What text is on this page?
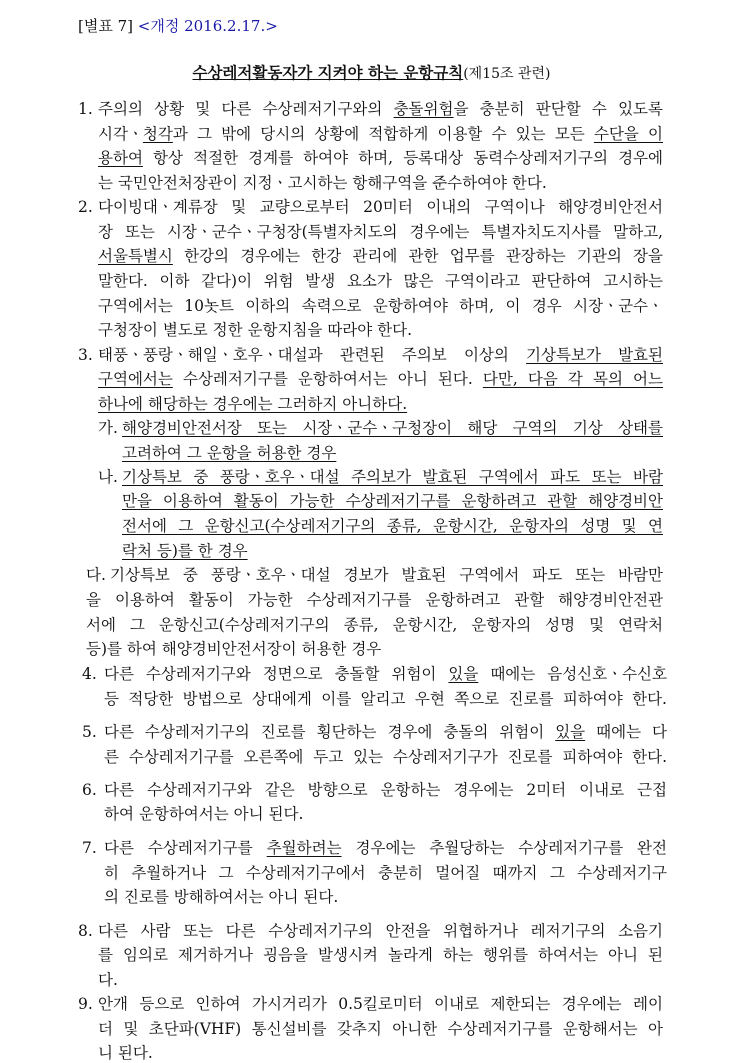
[별표 7] <개정 2016.2.17.>
수상레저활동자가 지켜야 하는 운항규칙(제15조 관련)
1. 주의의 상황 및 다른 수상레저기구와의 충돌위험을 충분히 판단할 수 있도록
시각ㆍ청각과 그 밖에 당시의 상황에 적합하게 이용할 수 있는 모든 수단을 이
용하여 항상 적절한 경계를 하여야 하며, 등록대상 동력수상레저기구의 경우에
는 국민안전처장관이 지정ㆍ고시하는 항해구역을 준수하여야 한다.
2. 다이빙대ㆍ계류장 및 교량으로부터 20미터 이내의 구역이나 해양경비안전서
장 또는 시장ㆍ군수ㆍ구청장(특별자치도의 경우에는 특별자치도지사를 말하고,
서울특별시 한강의 경우에는 한강 관리에 관한 업무를 관장하는 기관의 장을
말한다. 이하 같다)이 위험 발생 요소가 많은 구역이라고 판단하여 고시하는
구역에서는 10놋트 이하의 속력으로 운항하여야 하며, 이 경우 시장ㆍ군수ㆍ
구청장이 별도로 정한 운항지침을 따라야 한다.
3. 태풍ㆍ풍랑ㆍ해일ㆍ호우ㆍ대설과 관련된 주의보 이상의 기상특보가 발효된
구역에서는 수상레저기구를 운항하여서는 아니 된다. 다만, 다음 각 목의 어느
하나에 해당하는 경우에는 그러하지 아니하다.
가. 해양경비안전서장 또는 시장ㆍ군수ㆍ구청장이 해당 구역의 기상 상태를
고려하여 그 운항을 허용한 경우
나. 기상특보 중 풍랑ㆍ호우ㆍ대설 주의보가 발효된 구역에서 파도 또는 바람
만을 이용하여 활동이 가능한 수상레저기구를 운항하려고 관할 해양경비안
전서에 그 운항신고(수상레저기구의 종류, 운항시간, 운항자의 성명 및 연
락처 등)를 한 경우
다. 기상특보 중 풍랑ㆍ호우ㆍ대설 경보가 발효된 구역에서 파도 또는 바람만
을 이용하여 활동이 가능한 수상레저기구를 운항하려고 관할 해양경비안전관
서에 그 운항신고(수상레저기구의 종류, 운항시간, 운항자의 성명 및 연락처
등)를 하여 해양경비안전서장이 허용한 경우
4. 다른 수상레저기구와 정면으로 충돌할 위험이 있을 때에는 음성신호ㆍ수신호
등 적당한 방법으로 상대에게 이를 알리고 우현 쪽으로 진로를 피하여야 한다.
5. 다른 수상레저기구의 진로를 횡단하는 경우에 충돌의 위험이 있을 때에는 다
른 수상레저기구를 오른쪽에 두고 있는 수상레저기구가 진로를 피하여야 한다.
6. 다른 수상레저기구와 같은 방향으로 운항하는 경우에는 2미터 이내로 근접
하여 운항하여서는 아니 된다.
7. 다른 수상레저기구를 추월하려는 경우에는 추월당하는 수상레저기구를 완전
히 추월하거나 그 수상레저기구에서 충분히 멀어질 때까지 그 수상레저기구
의 진로를 방해하여서는 아니 된다.
8. 다른 사람 또는 다른 수상레저기구의 안전을 위협하거나 레저기구의 소음기
를 임의로 제거하거나 굉음을 발생시켜 놀라게 하는 행위를 하여서는 아니 된
다.
9. 안개 등으로 인하여 가시거리가 0.5킬로미터 이내로 제한되는 경우에는 레이
더 및 초단파(VHF) 통신설비를 갖추지 아니한 수상레저기구를 운항해서는 아
니 된다.
